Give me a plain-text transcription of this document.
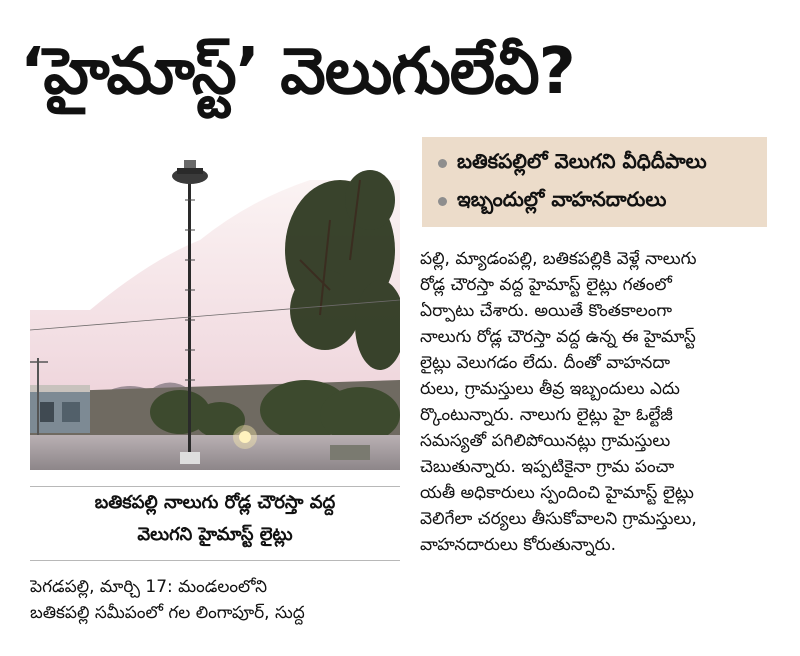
‘హైమాస్ట్’ వెలుగులేవీ?
బతికపల్లిలో వెలుగని వీధిదీపాలు
ఇబ్బందుల్లో వాహనదారులు
బతికపల్లి నాలుగు రోడ్ల చౌరస్తా వద్ద
వెలుగని హైమాస్ట్ లైట్లు
పెగడపల్లి, మార్చి 17: మండలంలోని
బతికపల్లి సమీపంలో గల లింగాపూర్, సుద్ద
పల్లి, మ్యాడంపల్లి, బతికపల్లికి వెళ్లే నాలుగు
రోడ్ల చౌరస్తా వద్ద హైమాస్ట్ లైట్లు గతంలో
ఏర్పాటు చేశారు. అయితే కొంతకాలంగా
నాలుగు రోడ్ల చౌరస్తా వద్ద ఉన్న ఈ హైమాస్ట్
లైట్లు వెలుగడం లేదు. దీంతో వాహనదా
రులు, గ్రామస్తులు తీవ్ర ఇబ్బందులు ఎదు
ర్కొంటున్నారు. నాలుగు లైట్లు హై ఓల్టేజీ
సమస్యతో పగిలిపోయినట్లు గ్రామస్తులు
చెబుతున్నారు. ఇప్పటికైనా గ్రామ పంచా
యతీ అధికారులు స్పందించి హైమాస్ట్ లైట్లు
వెలిగేలా చర్యలు తీసుకోవాలని గ్రామస్తులు,
వాహనదారులు కోరుతున్నారు.
